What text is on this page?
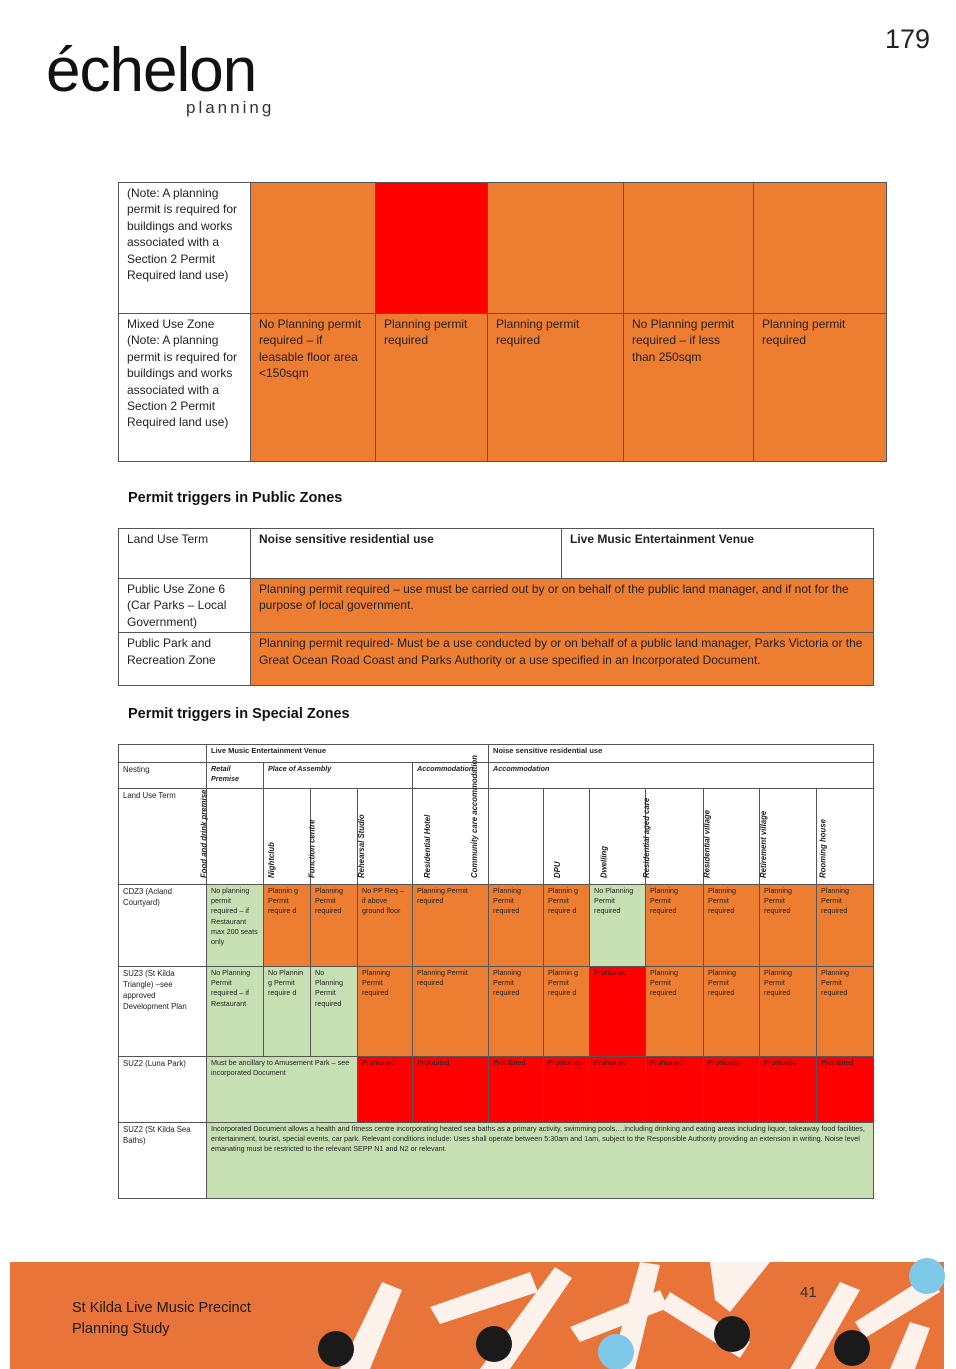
179
échelon
planning
(Note: A planning permit is required for buildings and works associated with a Section 2 Permit Required land use)					
Mixed Use Zone (Note: A planning permit is required for buildings and works associated with a Section 2 Permit Required land use)	No Planning permit required – if leasable floor area <150sqm	Planning permit required	Planning permit required	No Planning permit required – if less than 250sqm	Planning permit required
Permit triggers in Public Zones
Land Use Term	Noise sensitive residential use	Live Music Entertainment Venue
Public Use Zone 6 (Car Parks – Local Government)	Planning permit required – use must be carried out by or on behalf of the public land manager, and if not for the purpose of local government.	
Public Park and Recreation Zone	Planning permit required- Must be a use conducted by or on behalf of a public land manager, Parks Victoria or the Great Ocean Road Coast and Parks Authority or a use specified in an Incorporated Document.	
Permit triggers in Special Zones
	Live Music Entertainment Venue					Noise sensitive residential use						
Nesting	Retail Premise	Place of Assembly			Accommodation	Accommodation						
Land Use Term	Food and drink premise	Nightclub	Function centre	Rehearsal Studio	Residential Hotel	Community care accommodation	DPU	Dwelling	Residential aged care	Residential village	Retirement village	Rooming house

CDZ3 (Acland Courtyard)	No planning permit required – if Restaurant max 200 seats only	Plannin g Permit require d	Planning Permit required	No PP Req – if above ground floor	Planning Permit required	Planning Permit required	Plannin g Permit require d	No Planning Permit required	Planning Permit required	Planning Permit required	Planning Permit required	Planning Permit required
SUZ3 (St Kilda Triangle) –see approved Development Plan	No Planning Permit required – if Restaurant	No Plannin g Permit require d	No Planning Permit required	Planning Permit required	Planning Permit required	Planning Permit required	Plannin g Permit require d	Prohibited	Planning Permit required	Planning Permit required	Planning Permit required	Planning Permit required
SUZ2 (Luna Park)	Must be ancillary to Amusement Park – see incorporated Document			Prohibited	Prohibited	Prohibited	Prohibit ed	Prohibited	Prohibited	Prohibited	Prohibited	Prohibited
SUZ2 (St Kilda Sea Baths)	Incorporated Document allows a health and fitness centre incorporating heated sea baths as a primary activity, swimming pools….including drinking and eating areas including liquor, takeaway food facilities, entertainment, tourist, special events, car park. Relevant conditions include: Uses shall operate between 5:30am and 1am, subject to the Responsible Authority providing an extension in writing. Noise level emanating must be restricted to the relevant SEPP N1 and N2 or relevant.											
St Kilda Live Music Precinct
Planning Study
41
